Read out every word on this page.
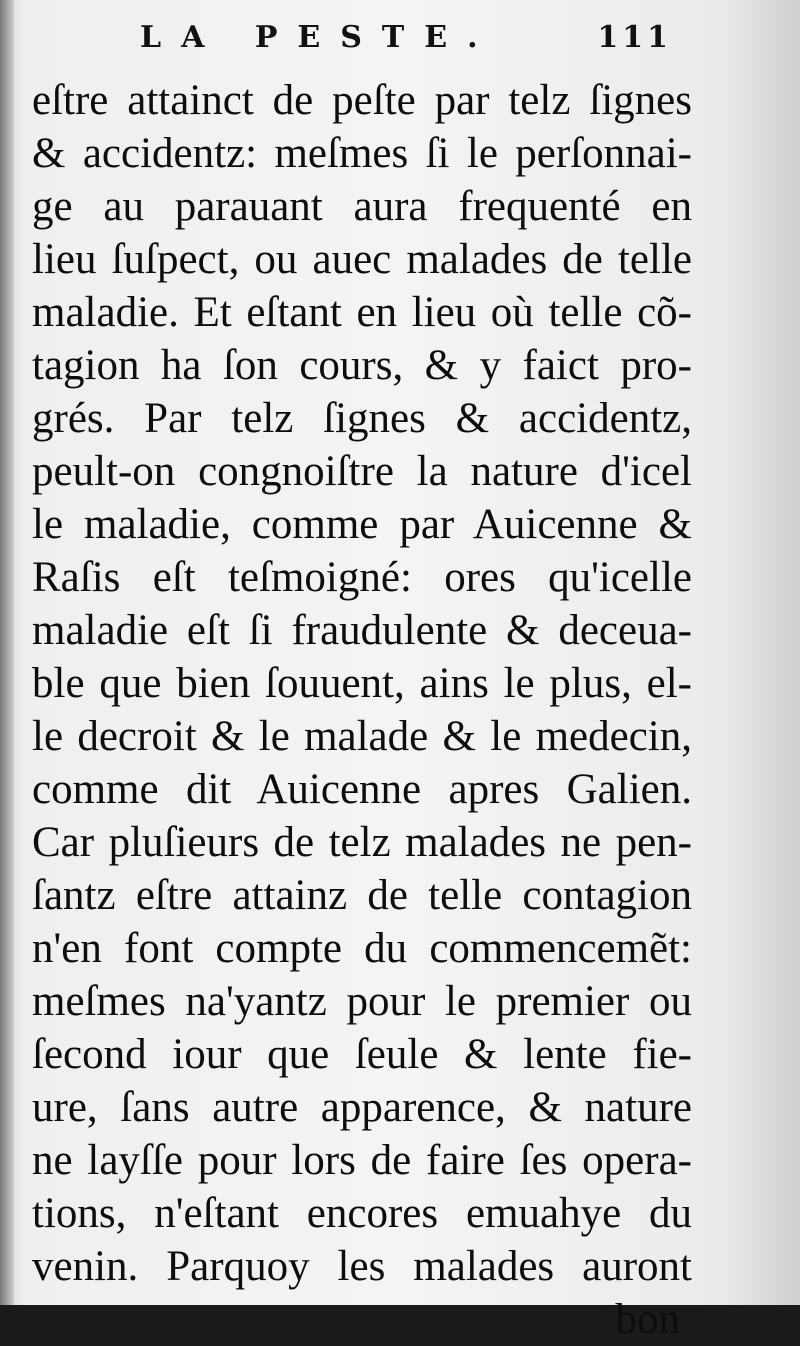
LA PESTE.	111
eſtre attainct de peſte par telz ſignes
& accidentz: meſmes ſi le perſonnai-
ge au parauant aura frequenté en
lieu ſuſpect, ou auec malades de telle
maladie. Et eſtant en lieu où telle cõ-
tagion ha ſon cours, & y faict pro-
grés. Par telz ſignes & accidentz,
peult-on congnoiſtre la nature d'icel
le maladie, comme par Auicenne &
Raſis eſt teſmoigné: ores qu'icelle
maladie eſt ſi fraudulente & deceua-
ble que bien ſouuent, ains le plus, el-
le decroit & le malade & le medecin,
comme dit Auicenne apres Galien.
Car pluſieurs de telz malades ne pen-
ſantz eſtre attainz de telle contagion
n'en font compte du commencemẽt:
meſmes na'yantz pour le premier ou
ſecond iour que ſeule & lente fie-
ure, ſans autre apparence, & nature
ne layſſe pour lors de faire ſes opera-
tions, n'eſtant encores emuahye du
venin. Parquoy les malades auront
bon
